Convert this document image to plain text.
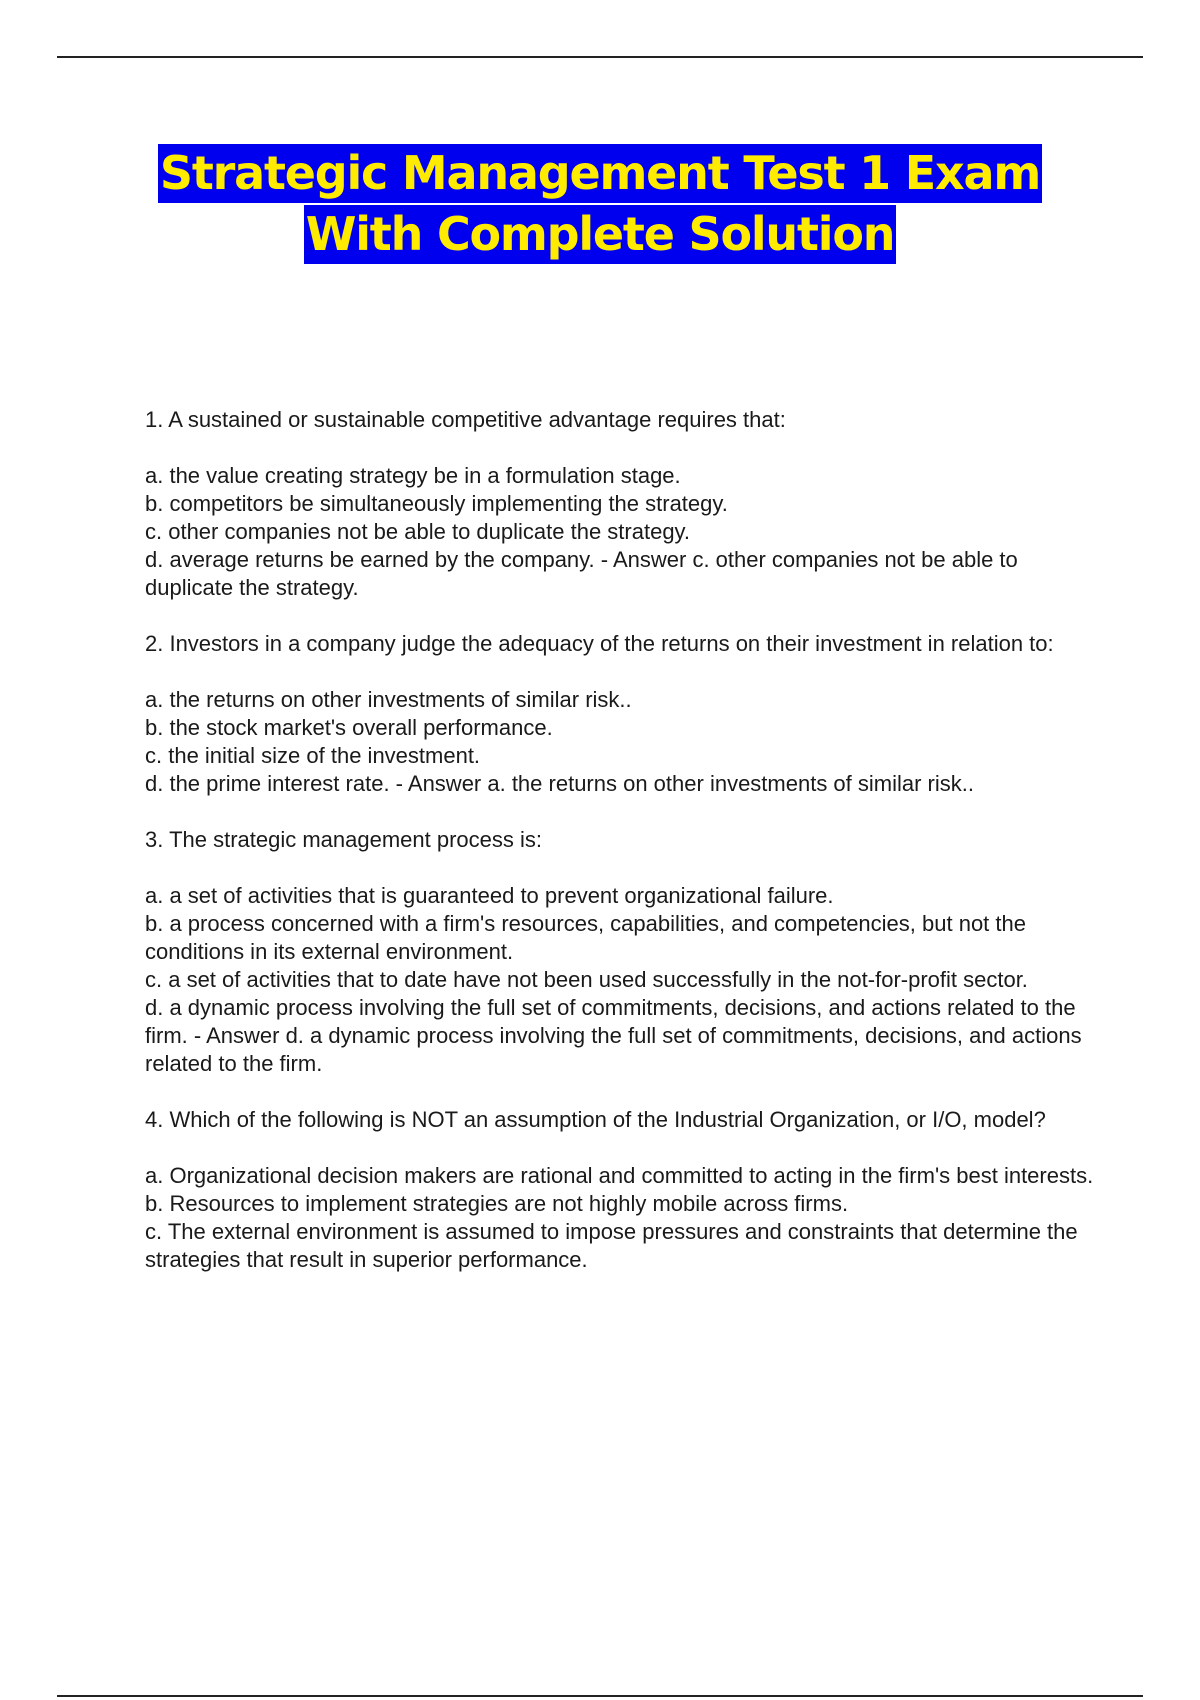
Strategic Management Test 1 Exam
With Complete Solution
1. A sustained or sustainable competitive advantage requires that:
a. the value creating strategy be in a formulation stage.
b. competitors be simultaneously implementing the strategy.
c. other companies not be able to duplicate the strategy.
d. average returns be earned by the company. - Answer c. other companies not be able to duplicate the strategy.
2. Investors in a company judge the adequacy of the returns on their investment in relation to:
a. the returns on other investments of similar risk..
b. the stock market's overall performance.
c. the initial size of the investment.
d. the prime interest rate. - Answer a. the returns on other investments of similar risk..
3. The strategic management process is:
a. a set of activities that is guaranteed to prevent organizational failure.
b. a process concerned with a firm's resources, capabilities, and competencies, but not the conditions in its external environment.
c. a set of activities that to date have not been used successfully in the not-for-profit sector.
d. a dynamic process involving the full set of commitments, decisions, and actions related to the firm. - Answer d. a dynamic process involving the full set of commitments, decisions, and actions related to the firm.
4. Which of the following is NOT an assumption of the Industrial Organization, or I/O, model?
a. Organizational decision makers are rational and committed to acting in the firm's best interests.
b. Resources to implement strategies are not highly mobile across firms.
c. The external environment is assumed to impose pressures and constraints that determine the strategies that result in superior performance.
